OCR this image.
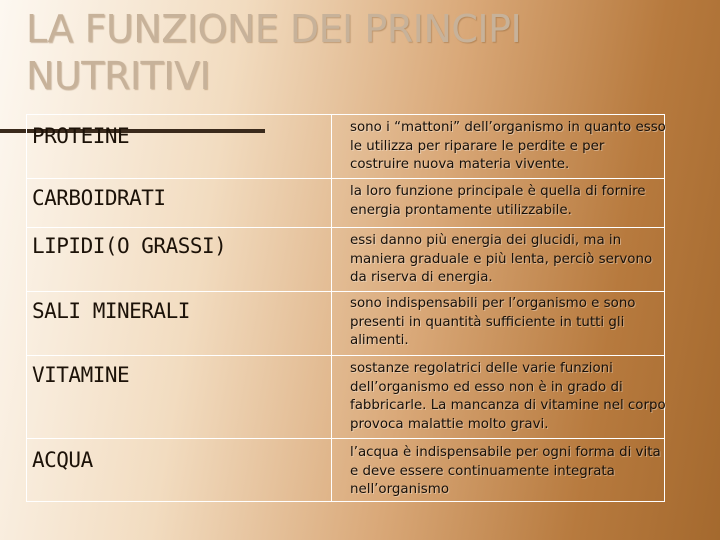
LA FUNZIONE DEI PRINCIPI NUTRITIVI
PROTEINE	sono i “mattoni” dell’organismo in quanto esso le utilizza per riparare le perdite e per costruire nuova materia vivente.
CARBOIDRATI	la loro funzione principale è quella di fornire energia prontamente utilizzabile.
LIPIDI(O GRASSI)	essi danno più energia dei glucidi, ma in maniera graduale e più lenta, perciò servono da riserva di energia.
SALI MINERALI	sono indispensabili per l’organismo e sono presenti in quantità sufficiente in tutti gli alimenti.
VITAMINE	sostanze regolatrici delle varie funzioni dell’organismo ed esso non è in grado di fabbricarle. La mancanza di vitamine nel corpo provoca malattie molto gravi.
ACQUA	l’acqua è indispensabile per ogni forma di vita e deve essere continuamente integrata nell’organismo
